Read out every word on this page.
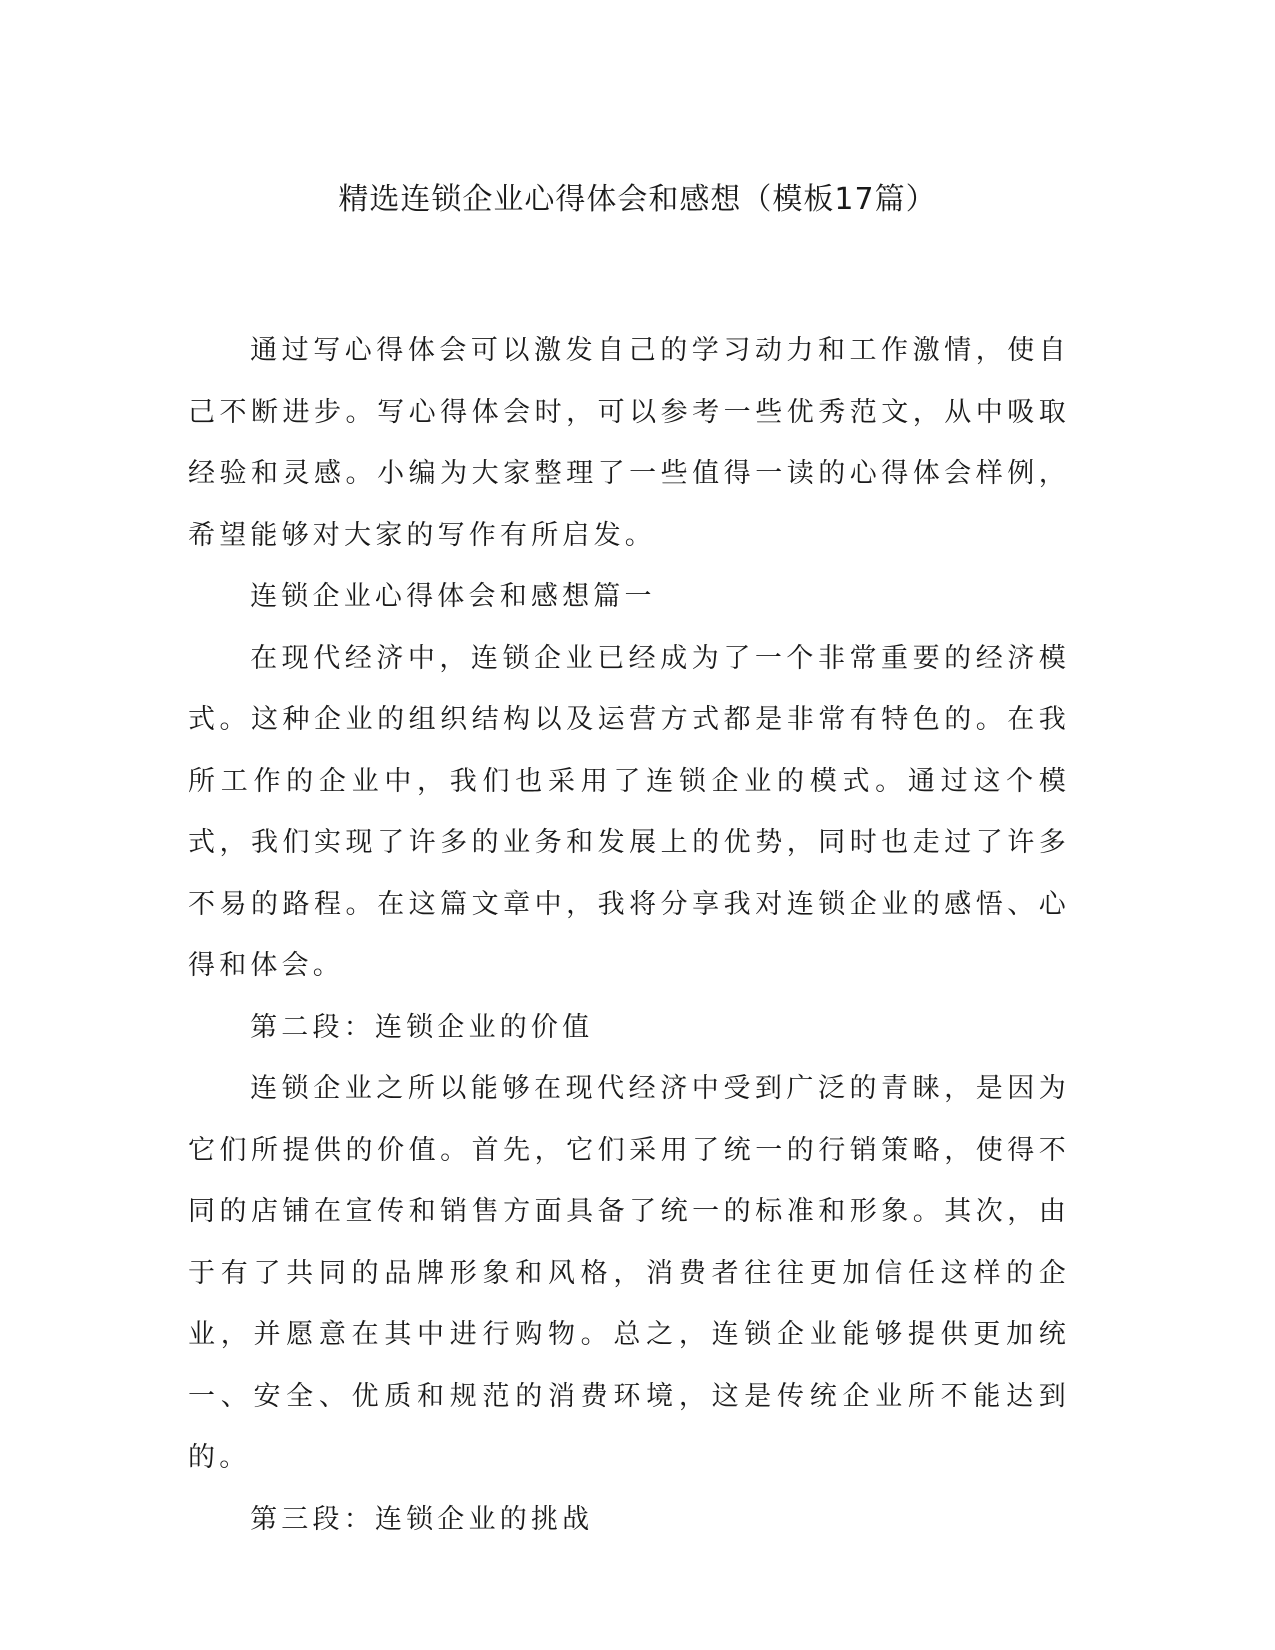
精选连锁企业心得体会和感想（模板17篇）

通过写心得体会可以激发自己的学习动力和工作激情，使自己不断进步。写心得体会时，可以参考一些优秀范文，从中吸取经验和灵感。小编为大家整理了一些值得一读的心得体会样例，希望能够对大家的写作有所启发。

连锁企业心得体会和感想篇一

在现代经济中，连锁企业已经成为了一个非常重要的经济模式。这种企业的组织结构以及运营方式都是非常有特色的。在我所工作的企业中，我们也采用了连锁企业的模式。通过这个模式，我们实现了许多的业务和发展上的优势，同时也走过了许多不易的路程。在这篇文章中，我将分享我对连锁企业的感悟、心得和体会。

第二段：连锁企业的价值

连锁企业之所以能够在现代经济中受到广泛的青睐，是因为它们所提供的价值。首先，它们采用了统一的行销策略，使得不同的店铺在宣传和销售方面具备了统一的标准和形象。其次，由于有了共同的品牌形象和风格，消费者往往更加信任这样的企业，并愿意在其中进行购物。总之，连锁企业能够提供更加统一、安全、优质和规范的消费环境，这是传统企业所不能达到的。

第三段：连锁企业的挑战
